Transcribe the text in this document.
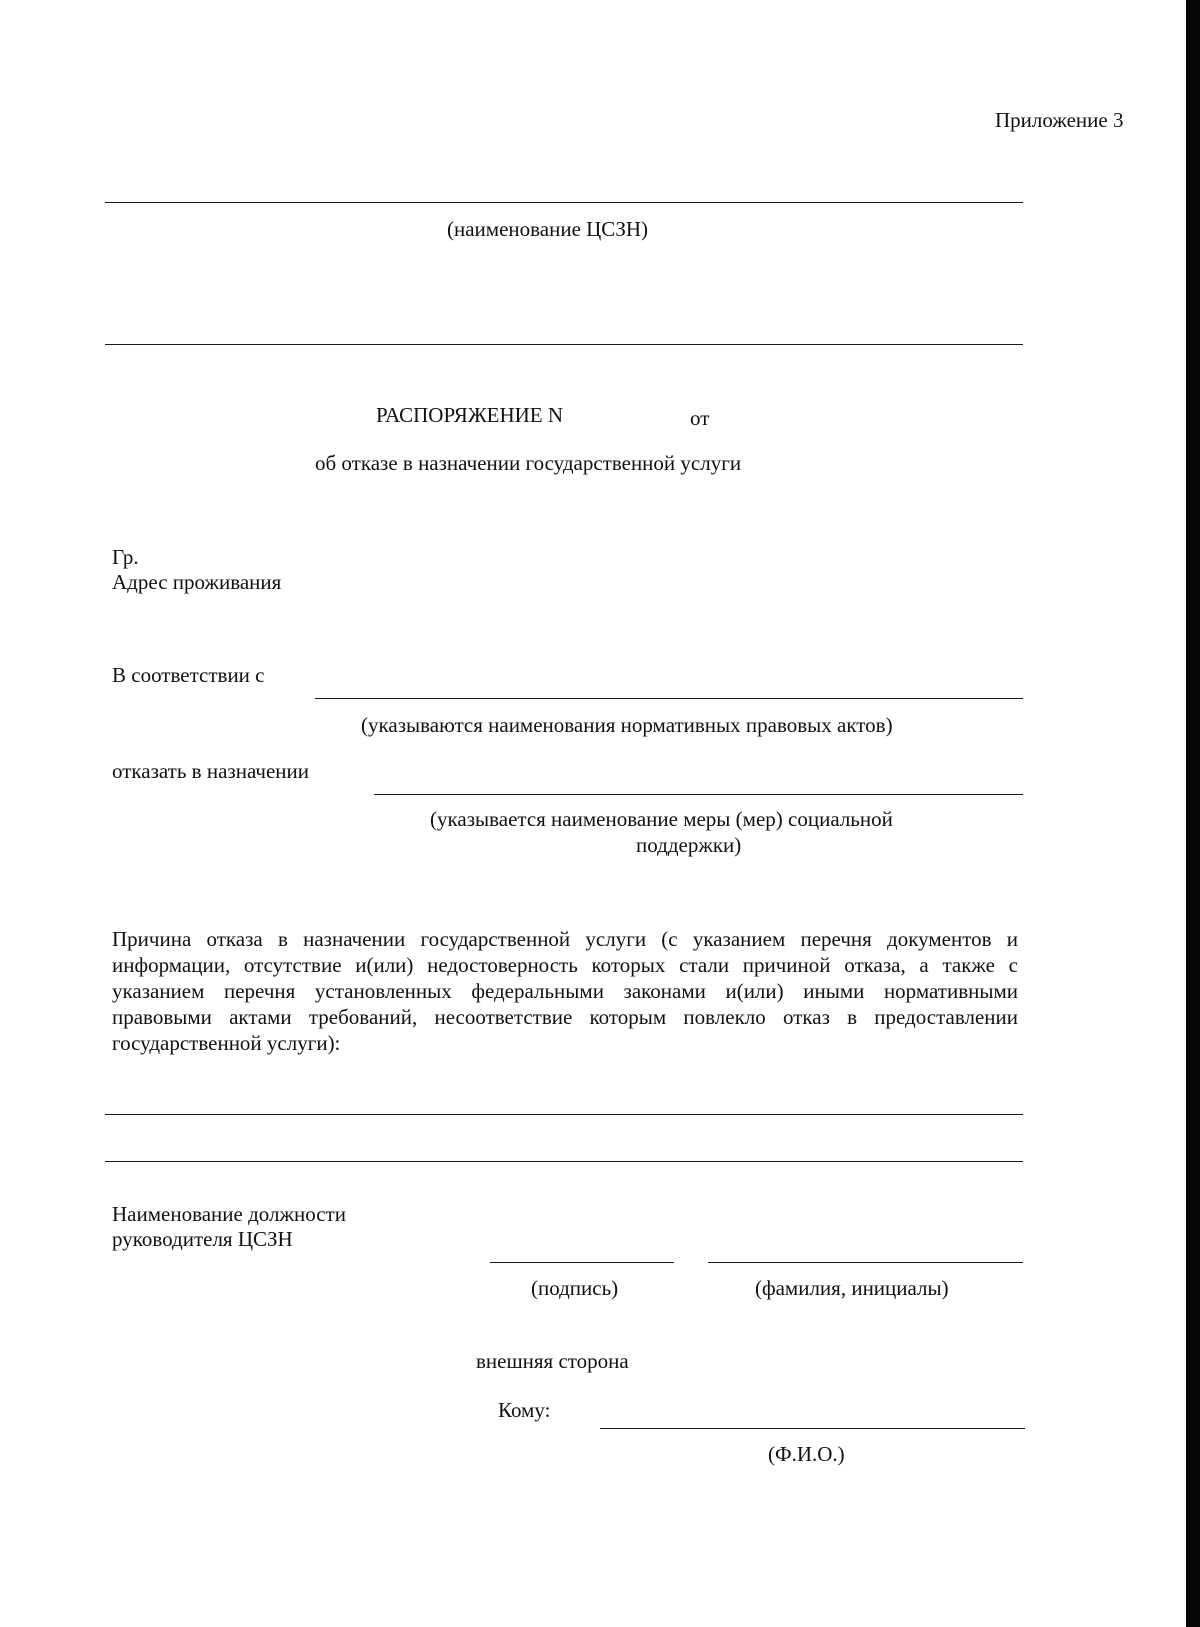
Приложение 3
(наименование ЦСЗН)
РАСПОРЯЖЕНИЕ N	от
об отказе в назначении государственной услуги
Гр.
Адрес проживания
В соответствии с
(указываются наименования нормативных правовых актов)
отказать в назначении
(указывается наименование меры (мер) социальной
поддержки)
Причина отказа в назначении государственной услуги (с указанием перечня документов и информации, отсутствие и(или) недостоверность которых стали причиной отказа, а также с указанием перечня установленных федеральными законами и(или) иными нормативными правовыми актами требований, несоответствие которым повлекло отказ в предоставлении государственной услуги):
Наименование должности
руководителя ЦСЗН
(подпись)	(фамилия, инициалы)
внешняя сторона
Кому:
(Ф.И.О.)
